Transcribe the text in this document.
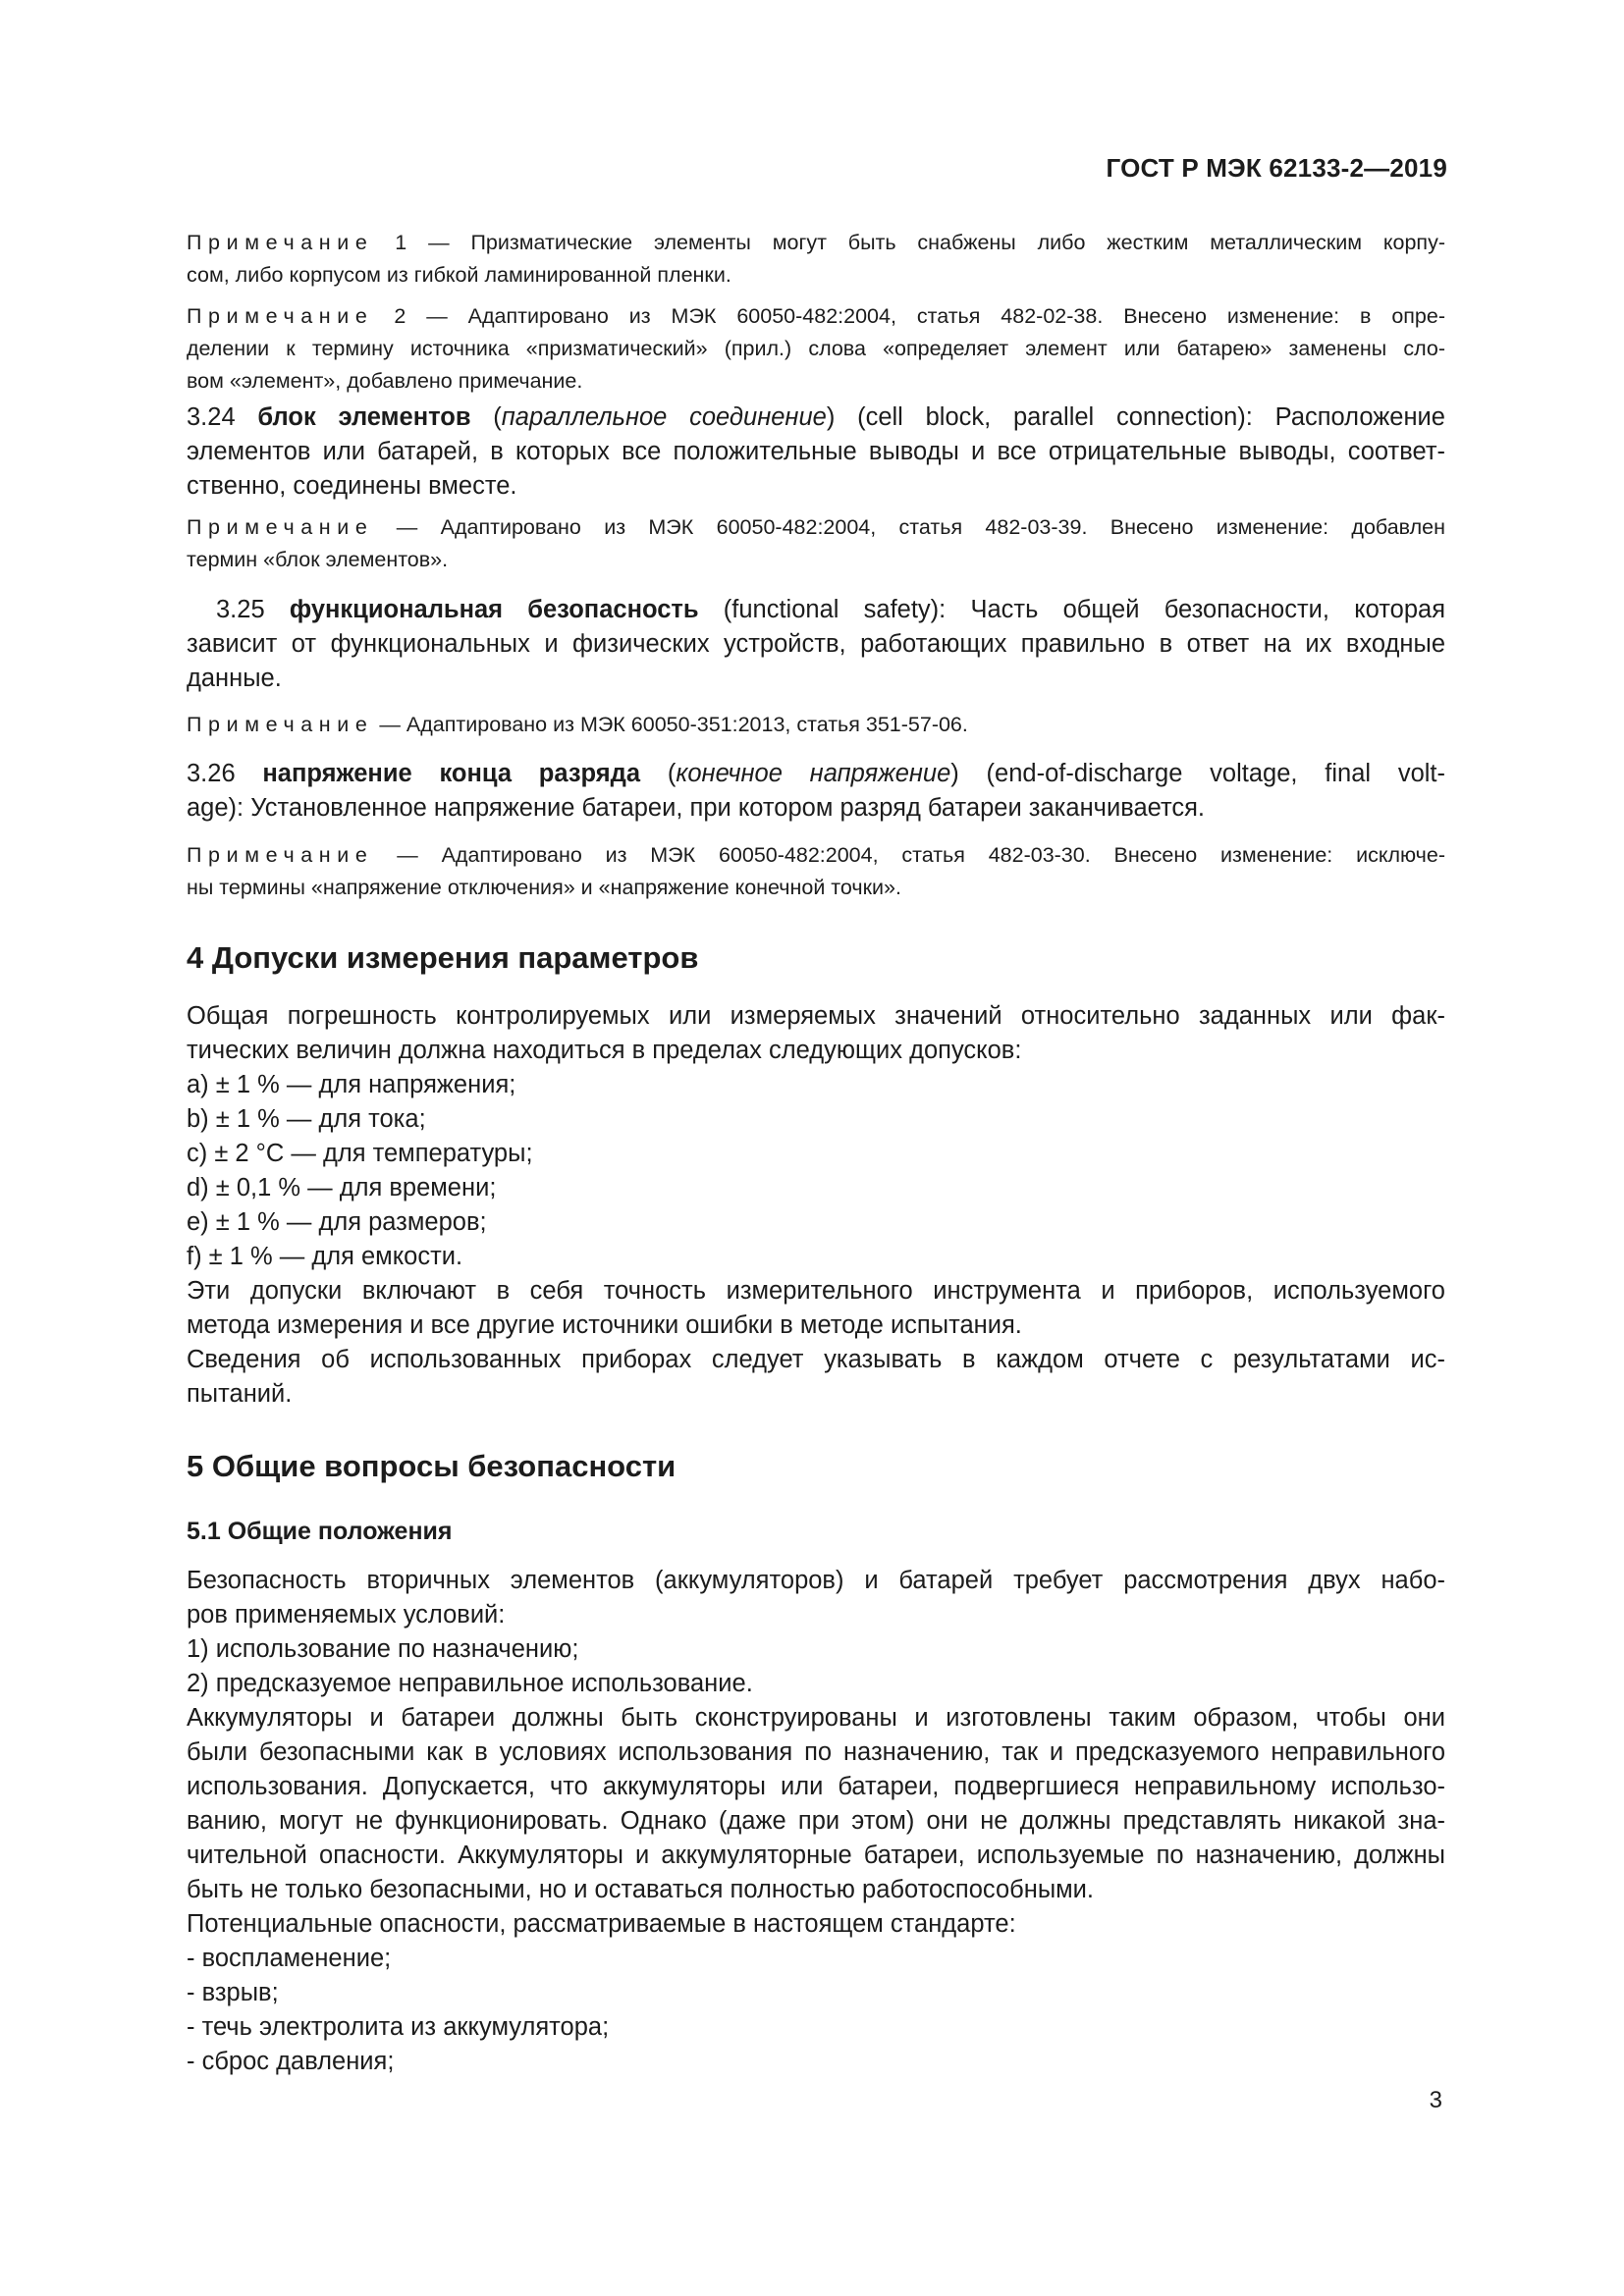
ГОСТ Р МЭК 62133-2—2019
Примечание 1 — Призматические элементы могут быть снабжены либо жестким металлическим корпу-
сом, либо корпусом из гибкой ламинированной пленки.
Примечание 2 — Адаптировано из МЭК 60050-482:2004, статья 482-02-38. Внесено изменение: в опре-
делении к термину источника «призматический» (прил.) слова «определяет элемент или батарею» заменены сло-
вом «элемент», добавлено примечание.
3.24 блок элементов (параллельное соединение) (cell block, parallel connection): Расположение
элементов или батарей, в которых все положительные выводы и все отрицательные выводы, соответ-
ственно, соединены вместе.
Примечание — Адаптировано из МЭК 60050-482:2004, статья 482-03-39. Внесено изменение: добавлен
термин «блок элементов».
3.25 функциональная безопасность (functional safety): Часть общей безопасности, которая
зависит от функциональных и физических устройств, работающих правильно в ответ на их входные
данные.
Примечание — Адаптировано из МЭК 60050-351:2013, статья 351-57-06.
3.26 напряжение конца разряда (конечное напряжение) (end-of-discharge voltage, final volt-
age): Установленное напряжение батареи, при котором разряд батареи заканчивается.
Примечание — Адаптировано из МЭК 60050-482:2004, статья 482-03-30. Внесено изменение: исключе-
ны термины «напряжение отключения» и «напряжение конечной точки».
4 Допуски измерения параметров
Общая погрешность контролируемых или измеряемых значений относительно заданных или фак-
тических величин должна находиться в пределах следующих допусков:
a) ± 1 % — для напряжения;
b) ± 1 % — для тока;
c) ± 2 °С — для температуры;
d) ± 0,1 % — для времени;
e) ± 1 % — для размеров;
f) ± 1 % — для емкости.
Эти допуски включают в себя точность измерительного инструмента и приборов, используемого
метода измерения и все другие источники ошибки в методе испытания.
Сведения об использованных приборах следует указывать в каждом отчете с результатами ис-
пытаний.
5 Общие вопросы безопасности
5.1 Общие положения
Безопасность вторичных элементов (аккумуляторов) и батарей требует рассмотрения двух набо-
ров применяемых условий:
1) использование по назначению;
2) предсказуемое неправильное использование.
Аккумуляторы и батареи должны быть сконструированы и изготовлены таким образом, чтобы они
были безопасными как в условиях использования по назначению, так и предсказуемого неправильного
использования. Допускается, что аккумуляторы или батареи, подвергшиеся неправильному использо-
ванию, могут не функционировать. Однако (даже при этом) они не должны представлять никакой зна-
чительной опасности. Аккумуляторы и аккумуляторные батареи, используемые по назначению, должны
быть не только безопасными, но и оставаться полностью работоспособными.
Потенциальные опасности, рассматриваемые в настоящем стандарте:
- воспламенение;
- взрыв;
- течь электролита из аккумулятора;
- сброс давления;
3
